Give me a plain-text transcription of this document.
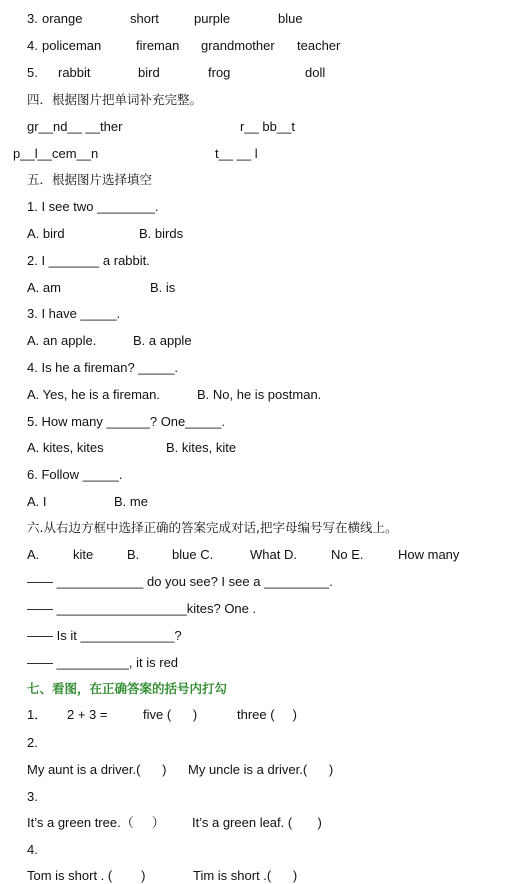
3. orange	short	purple	blue
4. policeman	fireman grandmother teacher
5. rabbit	bird	frog	doll
四．根据图片把单词补充完整。
gr__nd__ __ther	r__ bb__t
p__l__cem__n	t__ __ l
五．根据图片选择填空
1. I see two ________.
A. bird	B. birds
2. I _______ a rabbit.
A. am	B. is
3. I have _____.
A. an apple.	B. a apple
4. Is he a fireman? _____.
A. Yes, he is a fireman.	B. No, he is postman.
5. How many ______? One_____.
A. kites, kites	B. kites, kite
6. Follow _____.
A. I	B. me
六.从右边方框中选择正确的答案完成对话,把字母编号写在横线上。
A.	kite	B.	blue C.	What D.	No E.	How many
—— ____________ do you see? I see a _________.
—— __________________kites? One .
—— Is it _____________?
—— __________, it is red
七、看图，在正确答案的括号内打勾
1． 2 + 3 =	five (      )	three (     )
2.
My aunt is a driver.(      ) My uncle is a driver.(      )
3.
It’s a green tree.（     ） It’s a green leaf. (       )
4.
Tom is short . (        )	Tim is short .(      )
